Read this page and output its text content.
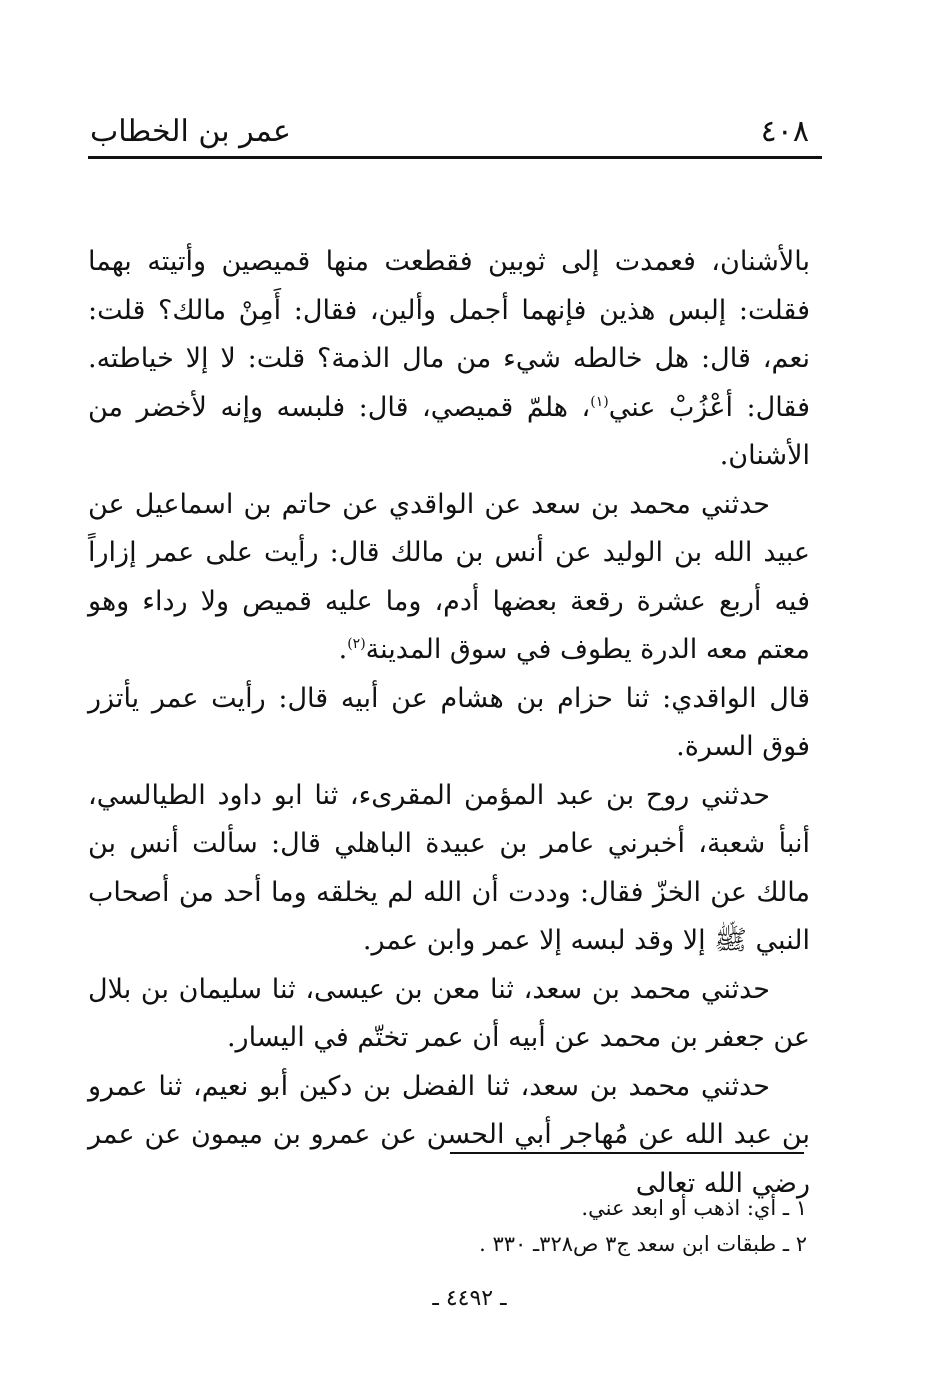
٤٠٨
عمر بن الخطاب

بالأشنان، فعمدت إلى ثوبين فقطعت منها قميصين وأتيته بهما فقلت: إلبس هذين فإنهما أجمل وألين، فقال: أَمِنْ مالك؟ قلت: نعم، قال: هل خالطه شيء من مال الذمة؟ قلت: لا إلا خياطته. فقال: أعْزُبْ عني$^{(١)}$، هلمّ قميصي، قال: فلبسه وإنه لأخضر من الأشنان.

حدثني محمد بن سعد عن الواقدي عن حاتم بن اسماعيل عن عبيد الله بن الوليد عن أنس بن مالك قال: رأيت على عمر إزاراً فيه أربع عشرة رقعة بعضها أدم، وما عليه قميص ولا رداء وهو معتم معه الدرة يطوف في سوق المدينة$^{(٢)}$.

قال الواقدي: ثنا حزام بن هشام عن أبيه قال: رأيت عمر يأتزر فوق السرة.

حدثني روح بن عبد المؤمن المقرىء، ثنا ابو داود الطيالسي، أنبأ شعبة، أخبرني عامر بن عبيدة الباهلي قال: سألت أنس بن مالك عن الخزّ فقال: وددت أن الله لم يخلقه وما أحد من أصحاب النبي ﷺ إلا وقد لبسه إلا عمر وابن عمر.

حدثني محمد بن سعد، ثنا معن بن عيسى، ثنا سليمان بن بلال عن جعفر بن محمد عن أبيه أن عمر تختّم في اليسار.

حدثني محمد بن سعد، ثنا الفضل بن دكين أبو نعيم، ثنا عمرو بن عبد الله عن مُهاجر أبي الحسن عن عمرو بن ميمون عن عمر رضي الله تعالى

١ ـ أي: اذهب أو ابعد عني.
٢ ـ طبقات ابن سعد ج٣ ص٣٢٨ـ ٣٣٠ .
ـ ٤٤٩٢ ـ
